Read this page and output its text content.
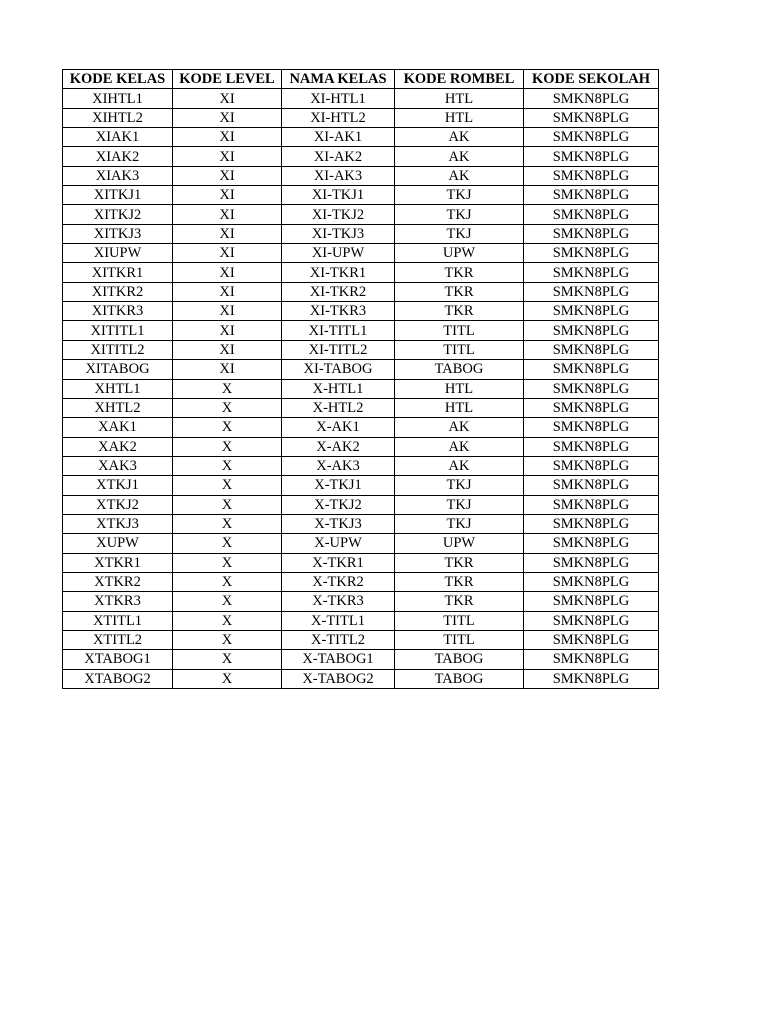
KODE KELAS	KODE LEVEL	NAMA KELAS	KODE ROMBEL	KODE SEKOLAH
XIHTL1	XI	XI-HTL1	HTL	SMKN8PLG
XIHTL2	XI	XI-HTL2	HTL	SMKN8PLG
XIAK1	XI	XI-AK1	AK	SMKN8PLG
XIAK2	XI	XI-AK2	AK	SMKN8PLG
XIAK3	XI	XI-AK3	AK	SMKN8PLG
XITKJ1	XI	XI-TKJ1	TKJ	SMKN8PLG
XITKJ2	XI	XI-TKJ2	TKJ	SMKN8PLG
XITKJ3	XI	XI-TKJ3	TKJ	SMKN8PLG
XIUPW	XI	XI-UPW	UPW	SMKN8PLG
XITKR1	XI	XI-TKR1	TKR	SMKN8PLG
XITKR2	XI	XI-TKR2	TKR	SMKN8PLG
XITKR3	XI	XI-TKR3	TKR	SMKN8PLG
XITITL1	XI	XI-TITL1	TITL	SMKN8PLG
XITITL2	XI	XI-TITL2	TITL	SMKN8PLG
XITABOG	XI	XI-TABOG	TABOG	SMKN8PLG
XHTL1	X	X-HTL1	HTL	SMKN8PLG
XHTL2	X	X-HTL2	HTL	SMKN8PLG
XAK1	X	X-AK1	AK	SMKN8PLG
XAK2	X	X-AK2	AK	SMKN8PLG
XAK3	X	X-AK3	AK	SMKN8PLG
XTKJ1	X	X-TKJ1	TKJ	SMKN8PLG
XTKJ2	X	X-TKJ2	TKJ	SMKN8PLG
XTKJ3	X	X-TKJ3	TKJ	SMKN8PLG
XUPW	X	X-UPW	UPW	SMKN8PLG
XTKR1	X	X-TKR1	TKR	SMKN8PLG
XTKR2	X	X-TKR2	TKR	SMKN8PLG
XTKR3	X	X-TKR3	TKR	SMKN8PLG
XTITL1	X	X-TITL1	TITL	SMKN8PLG
XTITL2	X	X-TITL2	TITL	SMKN8PLG
XTABOG1	X	X-TABOG1	TABOG	SMKN8PLG
XTABOG2	X	X-TABOG2	TABOG	SMKN8PLG
